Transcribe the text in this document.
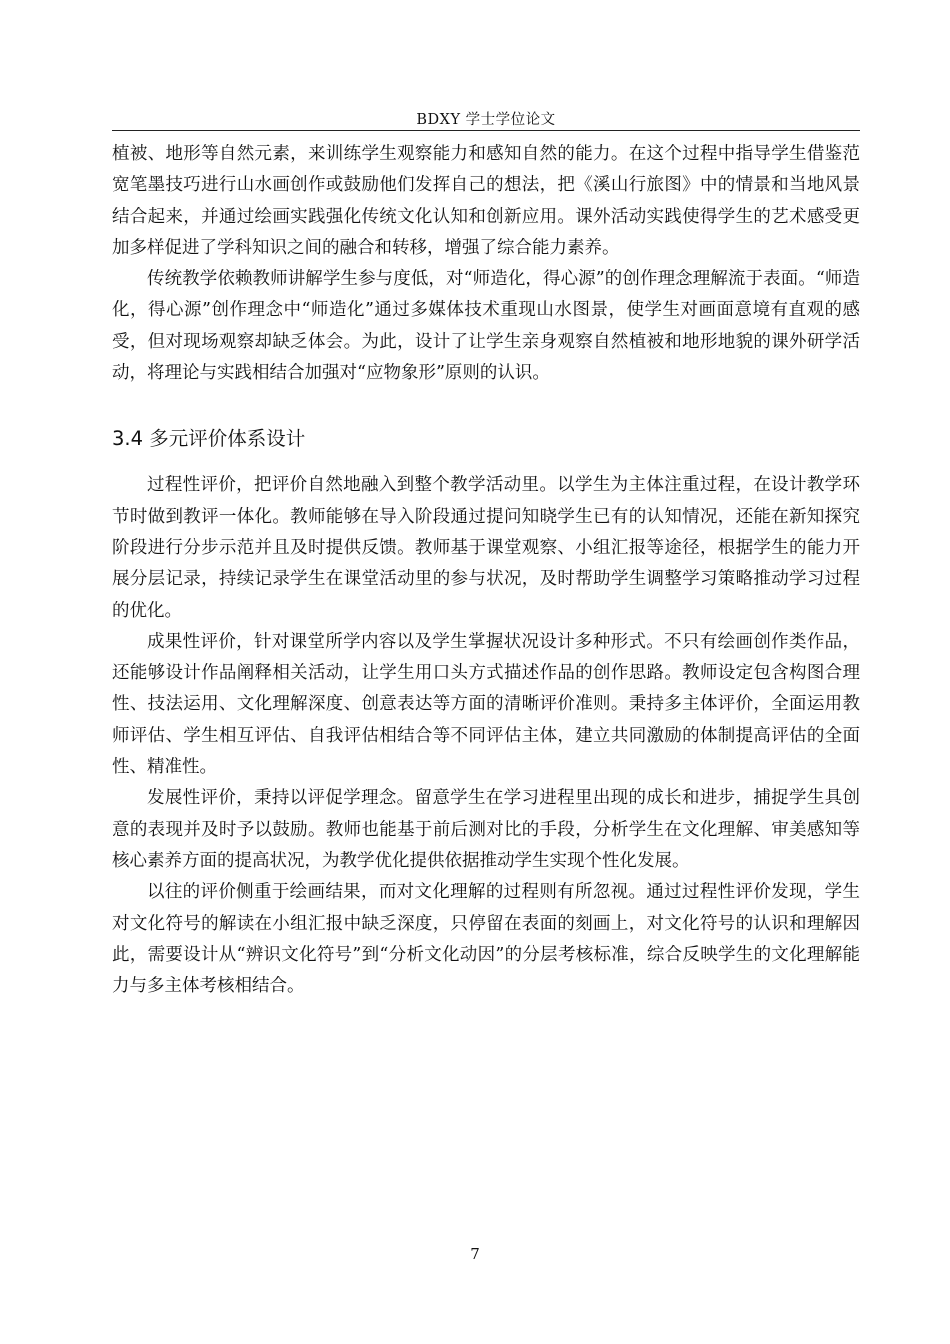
BDXY 学士学位论文

植被、地形等自然元素，来训练学生观察能力和感知自然的能力。在这个过程中指导学生借鉴范宽笔墨技巧进行山水画创作或鼓励他们发挥自己的想法，把《溪山行旅图》中的情景和当地风景结合起来，并通过绘画实践强化传统文化认知和创新应用。课外活动实践使得学生的艺术感受更加多样促进了学科知识之间的融合和转移，增强了综合能力素养。

传统教学依赖教师讲解学生参与度低，对“师造化，得心源”的创作理念理解流于表面。“师造化，得心源”创作理念中“师造化”通过多媒体技术重现山水图景，使学生对画面意境有直观的感受，但对现场观察却缺乏体会。为此，设计了让学生亲身观察自然植被和地形地貌的课外研学活动，将理论与实践相结合加强对“应物象形”原则的认识。

3.4 多元评价体系设计

过程性评价，把评价自然地融入到整个教学活动里。以学生为主体注重过程，在设计教学环节时做到教评一体化。教师能够在导入阶段通过提问知晓学生已有的认知情况，还能在新知探究阶段进行分步示范并且及时提供反馈。教师基于课堂观察、小组汇报等途径，根据学生的能力开展分层记录，持续记录学生在课堂活动里的参与状况，及时帮助学生调整学习策略推动学习过程的优化。

成果性评价，针对课堂所学内容以及学生掌握状况设计多种形式。不只有绘画创作类作品，还能够设计作品阐释相关活动，让学生用口头方式描述作品的创作思路。教师设定包含构图合理性、技法运用、文化理解深度、创意表达等方面的清晰评价准则。秉持多主体评价，全面运用教师评估、学生相互评估、自我评估相结合等不同评估主体，建立共同激励的体制提高评估的全面性、精准性。

发展性评价，秉持以评促学理念。留意学生在学习进程里出现的成长和进步，捕捉学生具创意的表现并及时予以鼓励。教师也能基于前后测对比的手段，分析学生在文化理解、审美感知等核心素养方面的提高状况，为教学优化提供依据推动学生实现个性化发展。

以往的评价侧重于绘画结果，而对文化理解的过程则有所忽视。通过过程性评价发现，学生对文化符号的解读在小组汇报中缺乏深度，只停留在表面的刻画上，对文化符号的认识和理解因此，需要设计从“辨识文化符号”到“分析文化动因”的分层考核标准，综合反映学生的文化理解能力与多主体考核相结合。

7
